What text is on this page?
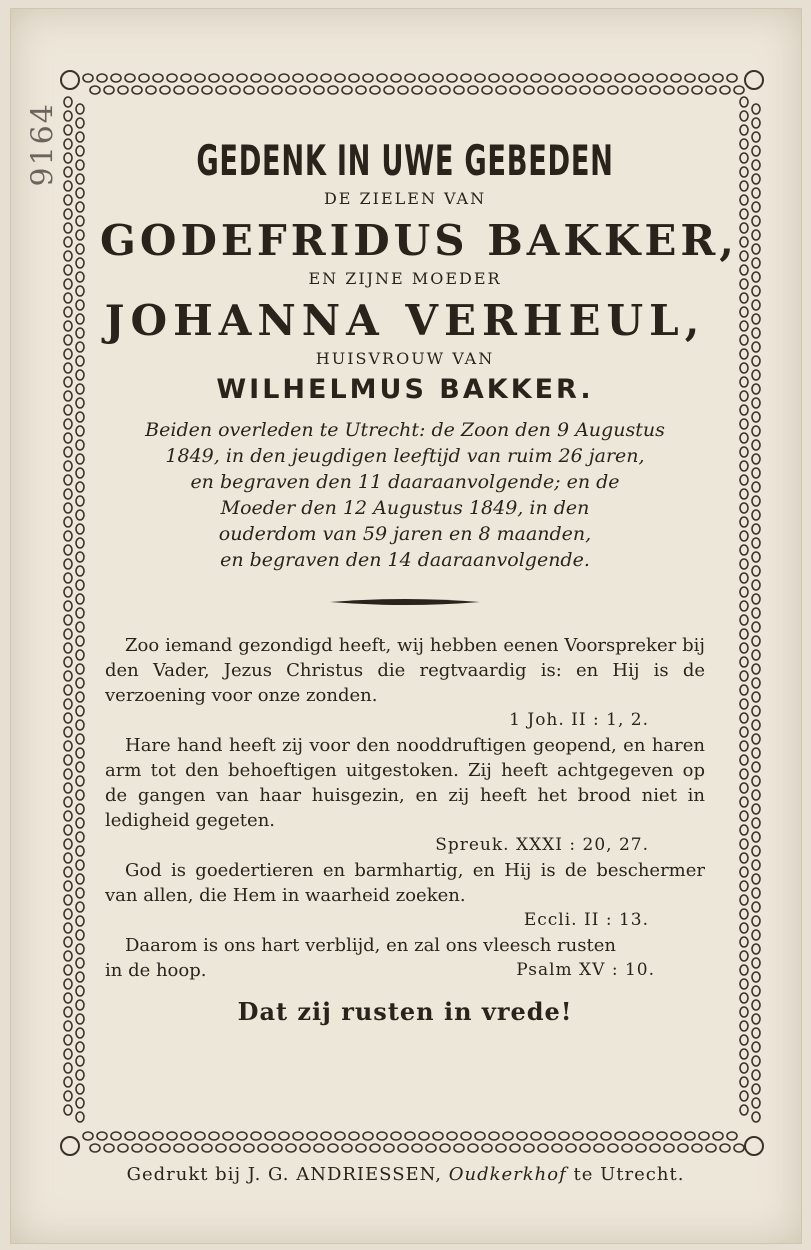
9164	GEDENK IN UWE GEBEDEN
DE ZIELEN VAN
GODEFRIDUS BAKKER,
EN ZIJNE MOEDER
JOHANNA VERHEUL,
HUISVROUW VAN
WILHELMUS BAKKER.
Beiden overleden te Utrecht: de Zoon den 9 Augustus
1849, in den jeugdigen leeftijd van ruim 26 jaren,
en begraven den 11 daaraanvolgende; en de
Moeder den 12 Augustus 1849, in den
ouderdom van 59 jaren en 8 maanden,
en begraven den 14 daaraanvolgende.

Zoo iemand gezondigd heeft, wij hebben eenen Voorspreker bij den Vader, Jezus Christus die regtvaardig is: en Hij is de verzoening voor onze zonden.

1 Joh. II : 1, 2.

Hare hand heeft zij voor den nooddruftigen geopend, en haren arm tot den behoeftigen uitgestoken. Zij heeft achtgegeven op de gangen van haar huisgezin, en zij heeft het brood niet in ledigheid gegeten.

Spreuk. XXXI : 20, 27.

God is goedertieren en barmhartig, en Hij is de beschermer van allen, die Hem in waarheid zoeken.

Eccli. II : 13.

Daarom is ons hart verblijd, en zal ons vleesch rusten

in de hoop.	Psalm XV : 10.
Dat zij rusten in vrede!
Gedrukt bij J. G. ANDRIESSEN, Oudkerkhof te Utrecht.
